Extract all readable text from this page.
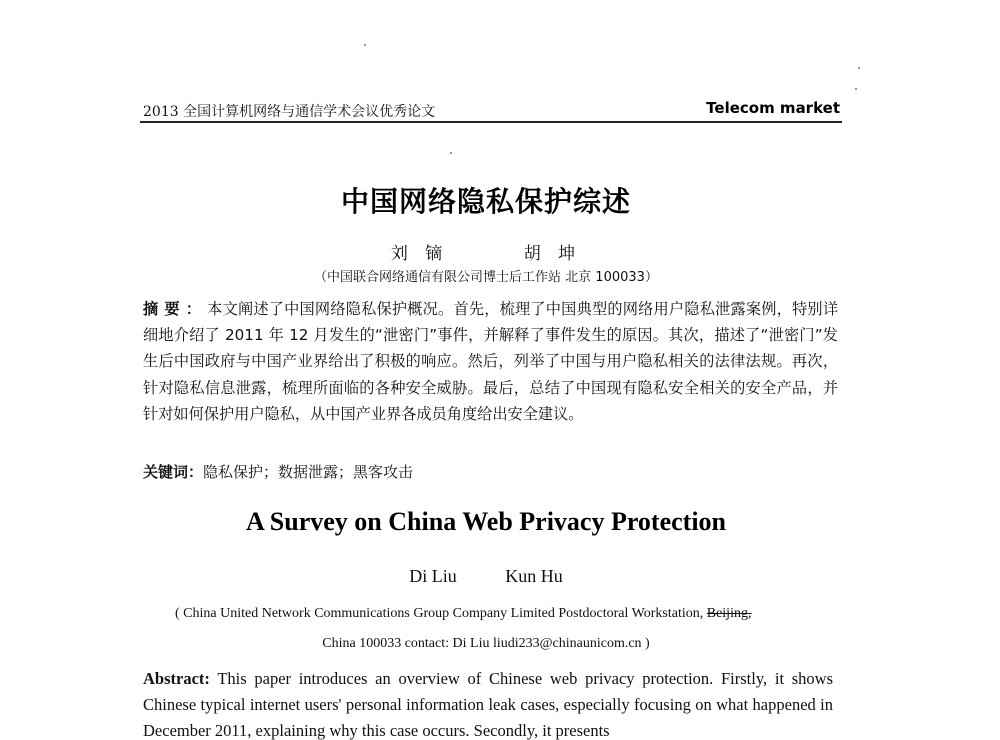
2013 全国计算机网络与通信学术会议优秀论文	Telecom market
中国网络隐私保护综述
刘 镝	胡 坤
（中国联合网络通信有限公司博士后工作站 北京 100033）
摘要：本文阐述了中国网络隐私保护概况。首先，梳理了中国典型的网络用户隐私泄露案例，特别详细地介绍了 2011 年 12 月发生的“泄密门”事件，并解释了事件发生的原因。其次，描述了“泄密门”发生后中国政府与中国产业界给出了积极的响应。然后，列举了中国与用户隐私相关的法律法规。再次，针对隐私信息泄露，梳理所面临的各种安全威胁。最后，总结了中国现有隐私安全相关的安全产品，并针对如何保护用户隐私，从中国产业界各成员角度给出安全建议。
关键词：隐私保护；数据泄露；黑客攻击
A Survey on China Web Privacy Protection
Di Liu	Kun Hu
( China United Network Communications Group Company Limited Postdoctoral Workstation, Beijing,
China 100033 contact: Di Liu liudi233@chinaunicom.cn )
Abstract: This paper introduces an overview of Chinese web privacy protection. Firstly, it shows Chinese typical internet users' personal information leak cases, especially focusing on what happened in December 2011, explaining why this case occurs. Secondly, it presents
